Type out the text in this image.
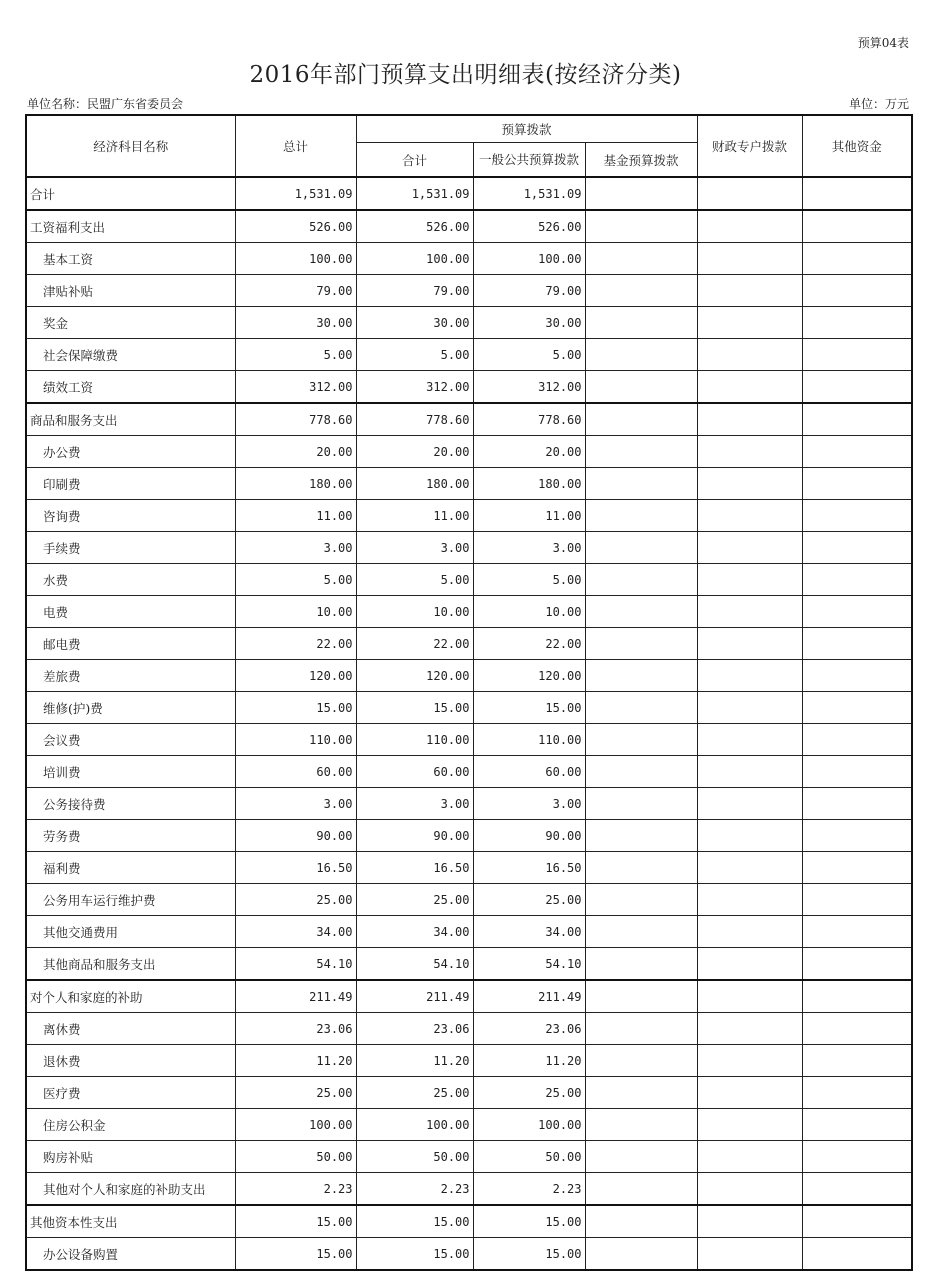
预算04表
2016年部门预算支出明细表(按经济分类)
单位名称：民盟广东省委员会	单位：万元
经济科目名称	总计	预算拨款			财政专户拨款	其他资金
		合计	一般公共预算拨款	基金预算拨款		
合计	1,531.09	1,531.09	1,531.09			
工资福利支出	526.00	526.00	526.00			
基本工资	100.00	100.00	100.00			
津贴补贴	79.00	79.00	79.00			
奖金	30.00	30.00	30.00			
社会保障缴费	5.00	5.00	5.00			
绩效工资	312.00	312.00	312.00			
商品和服务支出	778.60	778.60	778.60			
办公费	20.00	20.00	20.00			
印刷费	180.00	180.00	180.00			
咨询费	11.00	11.00	11.00			
手续费	3.00	3.00	3.00			
水费	5.00	5.00	5.00			
电费	10.00	10.00	10.00			
邮电费	22.00	22.00	22.00			
差旅费	120.00	120.00	120.00			
维修(护)费	15.00	15.00	15.00			
会议费	110.00	110.00	110.00			
培训费	60.00	60.00	60.00			
公务接待费	3.00	3.00	3.00			
劳务费	90.00	90.00	90.00			
福利费	16.50	16.50	16.50			
公务用车运行维护费	25.00	25.00	25.00			
其他交通费用	34.00	34.00	34.00			
其他商品和服务支出	54.10	54.10	54.10			
对个人和家庭的补助	211.49	211.49	211.49			
离休费	23.06	23.06	23.06			
退休费	11.20	11.20	11.20			
医疗费	25.00	25.00	25.00			
住房公积金	100.00	100.00	100.00			
购房补贴	50.00	50.00	50.00			
其他对个人和家庭的补助支出	2.23	2.23	2.23			
其他资本性支出	15.00	15.00	15.00			
办公设备购置	15.00	15.00	15.00			
